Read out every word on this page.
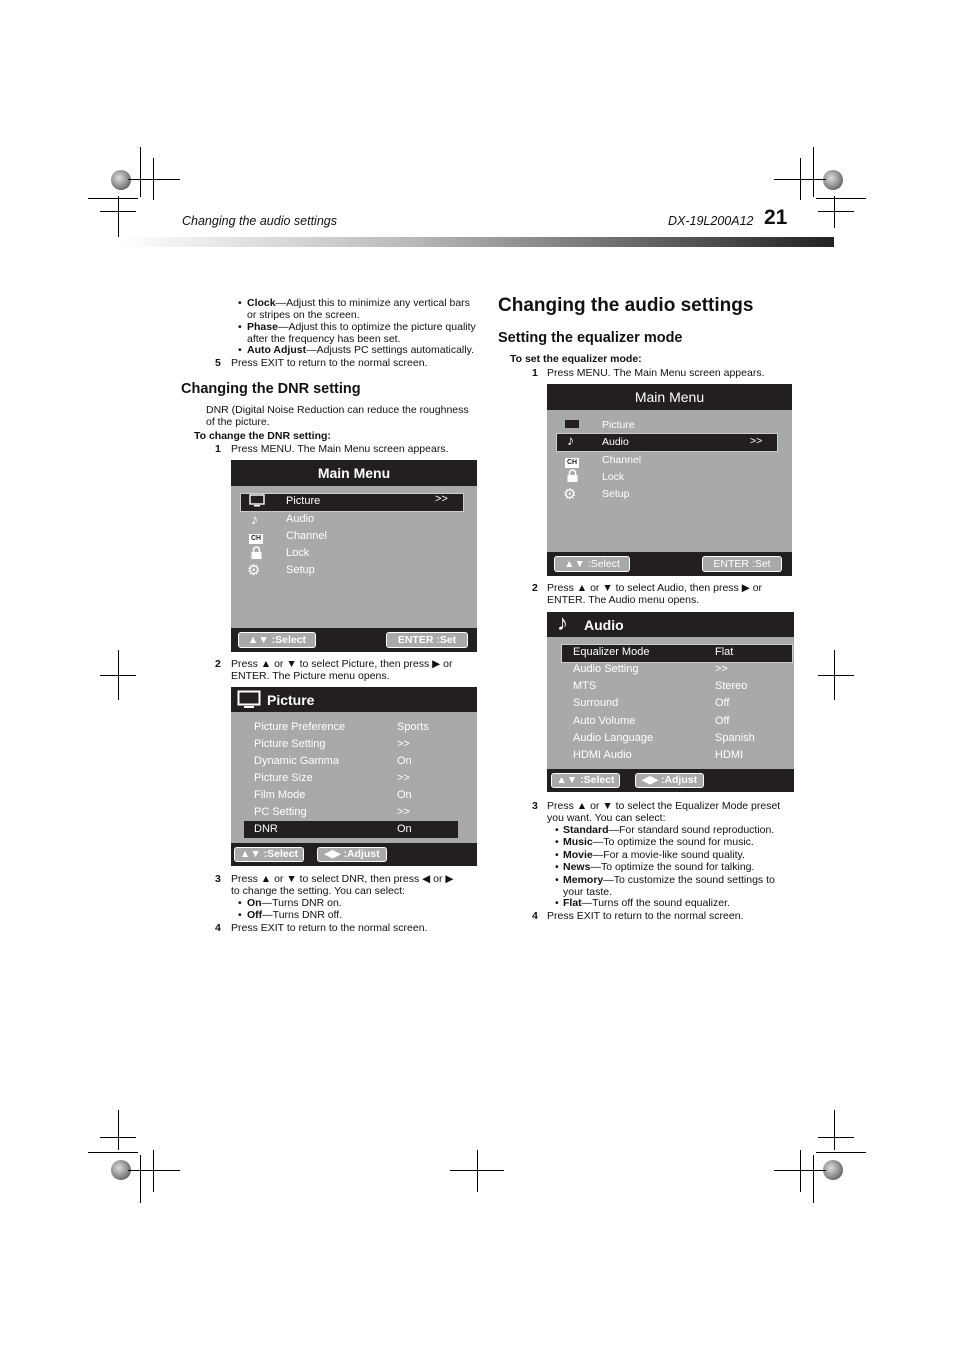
Changing the audio settings	DX-19L200A12 21
• Clock—Adjust this to minimize any vertical bars or stripes on the screen.
• Phase—Adjust this to optimize the picture quality after the frequency has been set.
• Auto Adjust—Adjusts PC settings automatically.
5 Press EXIT to return to the normal screen.
Changing the DNR setting
DNR (Digital Noise Reduction can reduce the roughness of the picture.
To change the DNR setting:
1 Press MENU. The Main Menu screen appears.
Main Menu
Picture	>>
♪	Audio
CH Channel
Lock
⚙ Setup
▲▼ :Select	ENTER :Set
2 Press ▲ or ▼ to select Picture, then press ▶ or ENTER. The Picture menu opens.
Picture
Picture Preference	Sports
Picture Setting	>>
Dynamic Gamma	On
Picture Size	>>
Film Mode	On
PC Setting	>>
DNR	On
▲▼ :Select	◀▶ :Adjust
3 Press ▲ or ▼ to select DNR, then press ◀ or ▶ to change the setting. You can select:
• On—Turns DNR on.
• Off—Turns DNR off.
4 Press EXIT to return to the normal screen.
Changing the audio settings
Setting the equalizer mode
To set the equalizer mode:
1 Press MENU. The Main Menu screen appears.
Main Menu
Picture
♪	Audio	>>
CH Channel
Lock
⚙ Setup
▲▼ :Select	ENTER :Set
2 Press ▲ or ▼ to select Audio, then press ▶ or ENTER. The Audio menu opens.
♪ Audio
Equalizer Mode	Flat
Audio Setting	>>
MTS	Stereo
Surround	Off
Auto Volume	Off
Audio Language	Spanish
HDMI Audio	HDMI
▲▼ :Select	◀▶ :Adjust
3 Press ▲ or ▼ to select the Equalizer Mode preset you want. You can select:
• Standard—For standard sound reproduction.
• Music—To optimize the sound for music.
• Movie—For a movie-like sound quality.
• News—To optimize the sound for talking.
• Memory—To customize the sound settings to your taste.
• Flat—Turns off the sound equalizer.
4 Press EXIT to return to the normal screen.
